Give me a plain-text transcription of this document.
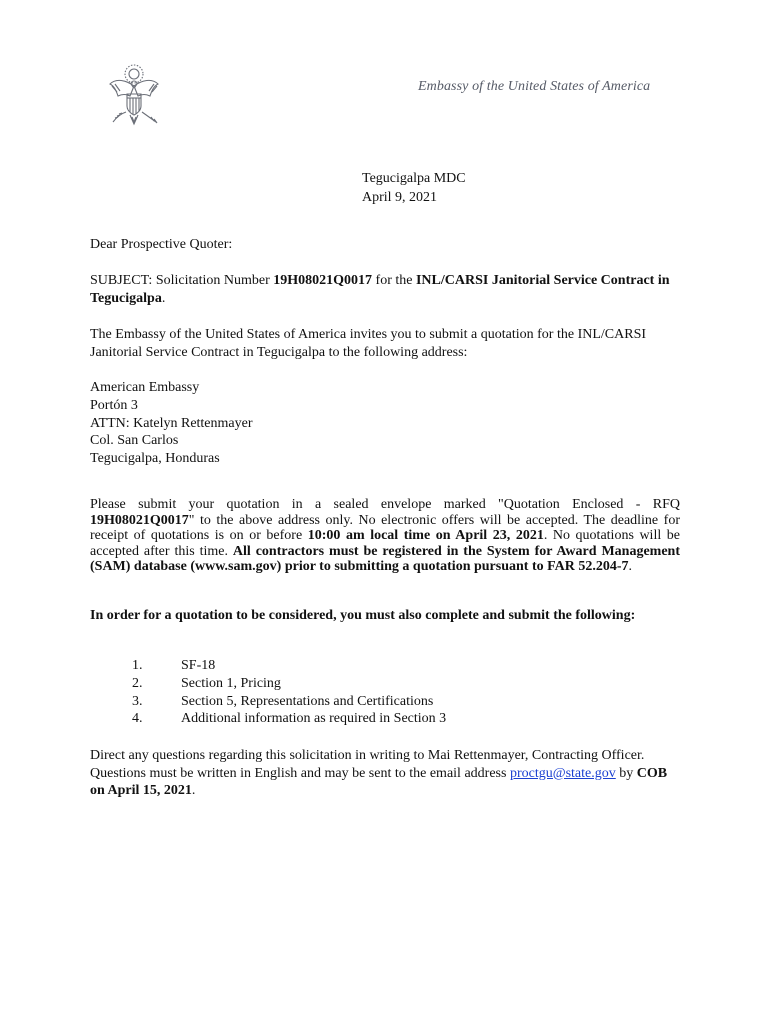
Embassy of the United States of America
Tegucigalpa MDC
April 9, 2021
Dear Prospective Quoter:
SUBJECT: Solicitation Number 19H08021Q0017 for the INL/CARSI Janitorial Service Contract in Tegucigalpa.
The Embassy of the United States of America invites you to submit a quotation for the INL/CARSI Janitorial Service Contract in Tegucigalpa to the following address:
American Embassy
Portón 3
ATTN: Katelyn Rettenmayer
Col. San Carlos
Tegucigalpa, Honduras
Please submit your quotation in a sealed envelope marked "Quotation Enclosed - RFQ 19H08021Q0017" to the above address only. No electronic offers will be accepted. The deadline for receipt of quotations is on or before 10:00 am local time on April 23, 2021. No quotations will be accepted after this time. All contractors must be registered in the System for Award Management (SAM) database (www.sam.gov) prior to submitting a quotation pursuant to FAR 52.204-7.
In order for a quotation to be considered, you must also complete and submit the following:
1.	SF-18
2.	Section 1, Pricing
3.	Section 5, Representations and Certifications
4.	Additional information as required in Section 3
Direct any questions regarding this solicitation in writing to Mai Rettenmayer, Contracting Officer. Questions must be written in English and may be sent to the email address proctgu@state.gov by COB on April 15, 2021.
